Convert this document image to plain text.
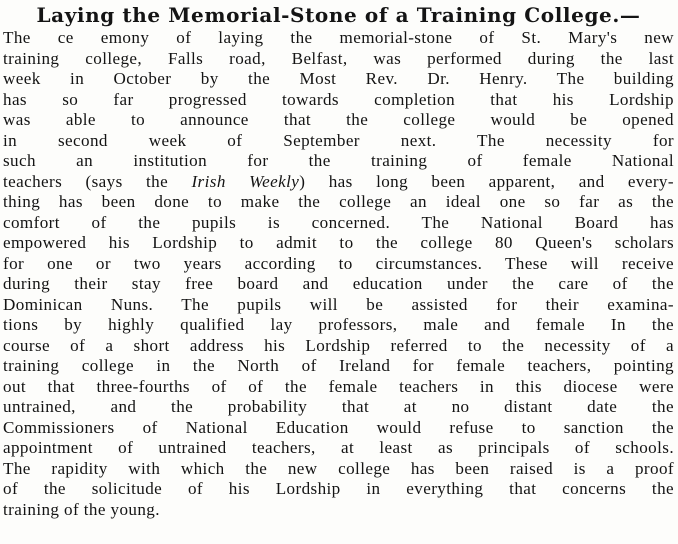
Laying the Memorial-Stone of a Training College.—
The ce emony of laying the memorial-stone of St. Mary's new
training college, Falls road, Belfast, was performed during the last
week in October by the Most Rev. Dr. Henry. The building
has so far progressed towards completion that his Lordship
was able to announce that the college would be opened
in second week of September next. The necessity for
such an institution for the training of female National
teachers (says the Irish Weekly) has long been apparent, and every-
thing has been done to make the college an ideal one so far as the
comfort of the pupils is concerned. The National Board has
empowered his Lordship to admit to the college 80 Queen's scholars
for one or two years according to circumstances. These will receive
during their stay free board and education under the care of the
Dominican Nuns. The pupils will be assisted for their examina-
tions by highly qualified lay professors, male and female In the
course of a short address his Lordship referred to the necessity of a
training college in the North of Ireland for female teachers, pointing
out that three-fourths of of the female teachers in this diocese were
untrained, and the probability that at no distant date the
Commissioners of National Education would refuse to sanction the
appointment of untrained teachers, at least as principals of schools.
The rapidity with which the new college has been raised is a proof
of the solicitude of his Lordship in everything that concerns the
training of the young.
